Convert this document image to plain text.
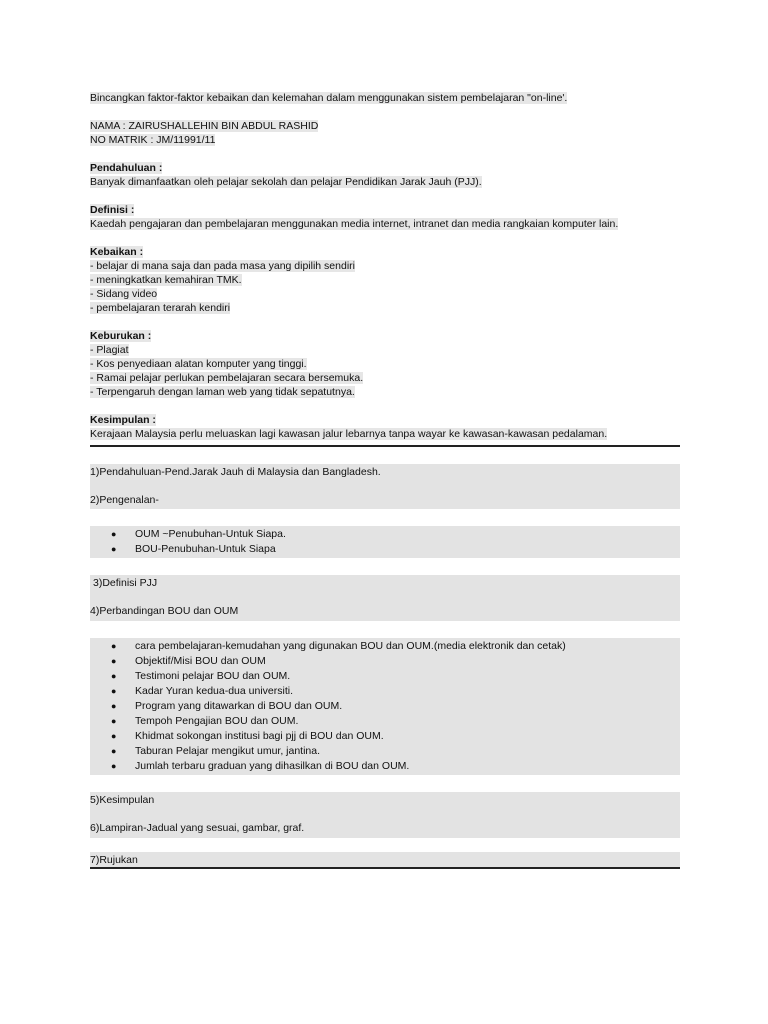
Bincangkan faktor-faktor kebaikan dan kelemahan dalam menggunakan sistem pembelajaran "on-line'.
NAMA : ZAIRUSHALLEHIN BIN ABDUL RASHID
NO MATRIK : JM/11991/11
Pendahuluan :
Banyak dimanfaatkan oleh pelajar sekolah dan pelajar Pendidikan Jarak Jauh (PJJ).
Definisi :
Kaedah pengajaran dan pembelajaran menggunakan media internet, intranet dan media rangkaian komputer lain.
Kebaikan :
- belajar di mana saja dan pada masa yang dipilih sendiri
- meningkatkan kemahiran TMK.
- Sidang video
- pembelajaran terarah kendiri
Keburukan :
- Plagiat
- Kos penyediaan alatan komputer yang tinggi.
- Ramai pelajar perlukan pembelajaran secara bersemuka.
- Terpengaruh dengan laman web yang tidak sepatutnya.
Kesimpulan :
Kerajaan Malaysia perlu meluaskan lagi kawasan jalur lebarnya tanpa wayar ke kawasan-kawasan pedalaman.
1)Pendahuluan-Pend.Jarak Jauh di Malaysia dan Bangladesh.
2)Pengenalan-
● OUM ~Penubuhan-Untuk Siapa.
● BOU-Penubuhan-Untuk Siapa
3)Definisi PJJ
4)Perbandingan BOU dan OUM
● cara pembelajaran-kemudahan yang digunakan BOU dan OUM.(media elektronik dan cetak)
● Objektif/Misi BOU dan OUM
● Testimoni pelajar BOU dan OUM.
● Kadar Yuran kedua-dua universiti.
● Program yang ditawarkan di BOU dan OUM.
● Tempoh Pengajian BOU dan OUM.
● Khidmat sokongan institusi bagi pjj di BOU dan OUM.
● Taburan Pelajar mengikut umur, jantina.
● Jumlah terbaru graduan yang dihasilkan di BOU dan OUM.
5)Kesimpulan
6)Lampiran-Jadual yang sesuai, gambar, graf.
7)Rujukan
